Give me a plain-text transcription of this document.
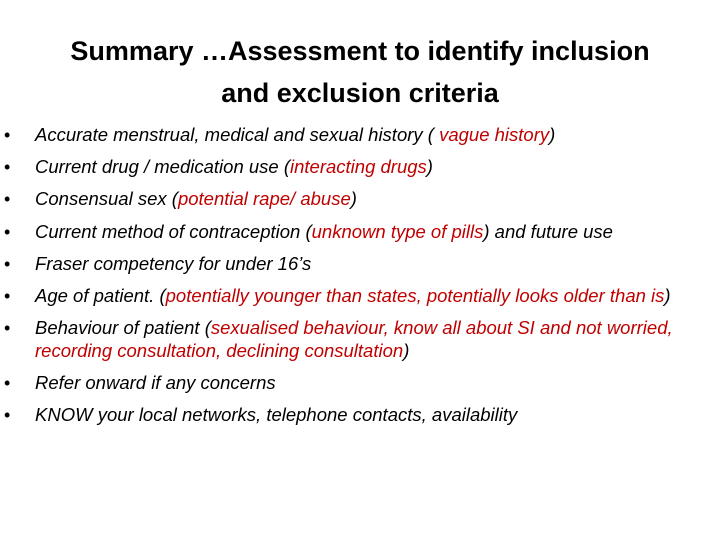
Summary …Assessment to identify inclusion
and exclusion criteria
• Accurate menstrual, medical and sexual history ( vague history)
• Current drug / medication use (interacting drugs)
• Consensual sex (potential rape/ abuse)
• Current method of contraception (unknown type of pills) and future use
• Fraser competency for under 16’s
• Age of patient. (potentially younger than states, potentially looks older than is)
• Behaviour of patient (sexualised behaviour, know all about SI and not worried, recording consultation, declining consultation)
• Refer onward if any concerns
• KNOW your local networks, telephone contacts, availability
